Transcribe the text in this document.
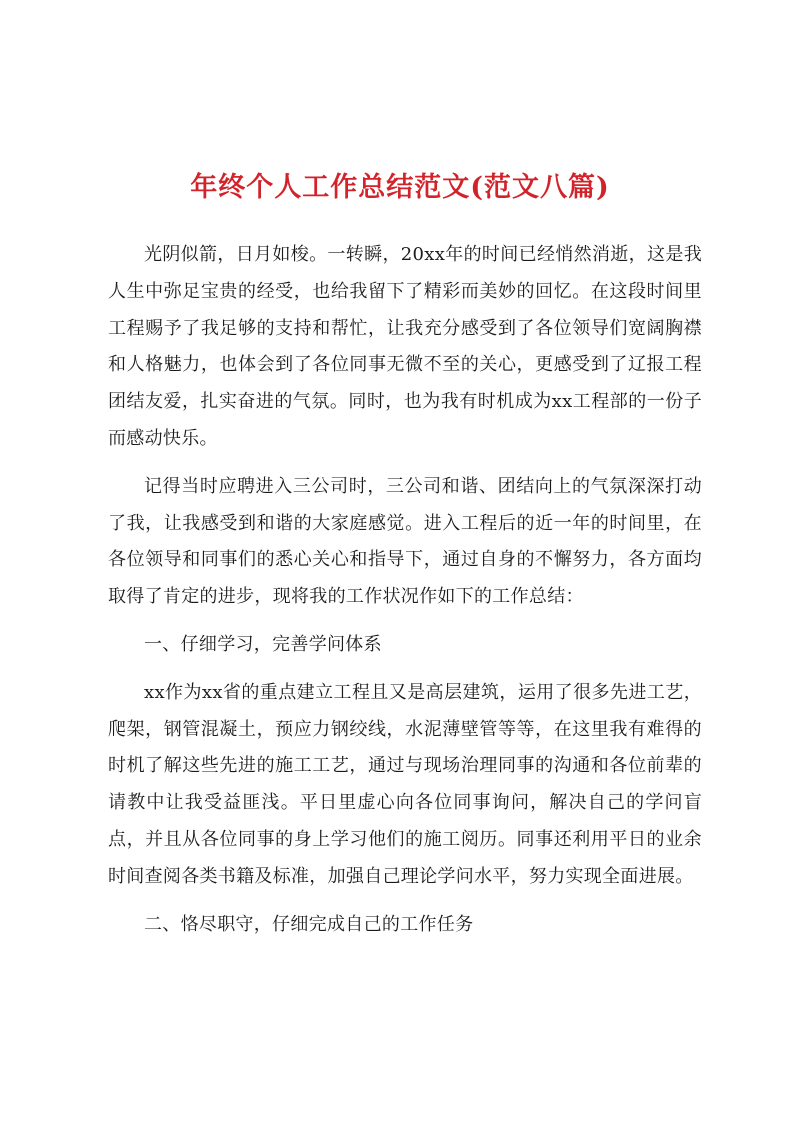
年终个人工作总结范文(范文八篇)

光阴似箭，日月如梭。一转瞬，20xx年的时间已经悄然消逝，这是我人生中弥足宝贵的经受，也给我留下了精彩而美妙的回忆。在这段时间里工程赐予了我足够的支持和帮忙，让我充分感受到了各位领导们宽阔胸襟和人格魅力，也体会到了各位同事无微不至的关心，更感受到了辽报工程团结友爱，扎实奋进的气氛。同时，也为我有时机成为xx工程部的一份子而感动快乐。

记得当时应聘进入三公司时，三公司和谐、团结向上的气氛深深打动了我，让我感受到和谐的大家庭感觉。进入工程后的近一年的时间里，在各位领导和同事们的悉心关心和指导下，通过自身的不懈努力，各方面均取得了肯定的进步，现将我的工作状况作如下的工作总结：

一、仔细学习，完善学问体系

xx作为xx省的重点建立工程且又是高层建筑，运用了很多先进工艺，爬架，钢管混凝土，预应力钢绞线，水泥薄壁管等等，在这里我有难得的时机了解这些先进的施工工艺，通过与现场治理同事的沟通和各位前辈的请教中让我受益匪浅。平日里虚心向各位同事询问，解决自己的学问盲点，并且从各位同事的身上学习他们的施工阅历。同事还利用平日的业余时间查阅各类书籍及标准，加强自己理论学问水平，努力实现全面进展。

二、恪尽职守，仔细完成自己的工作任务
